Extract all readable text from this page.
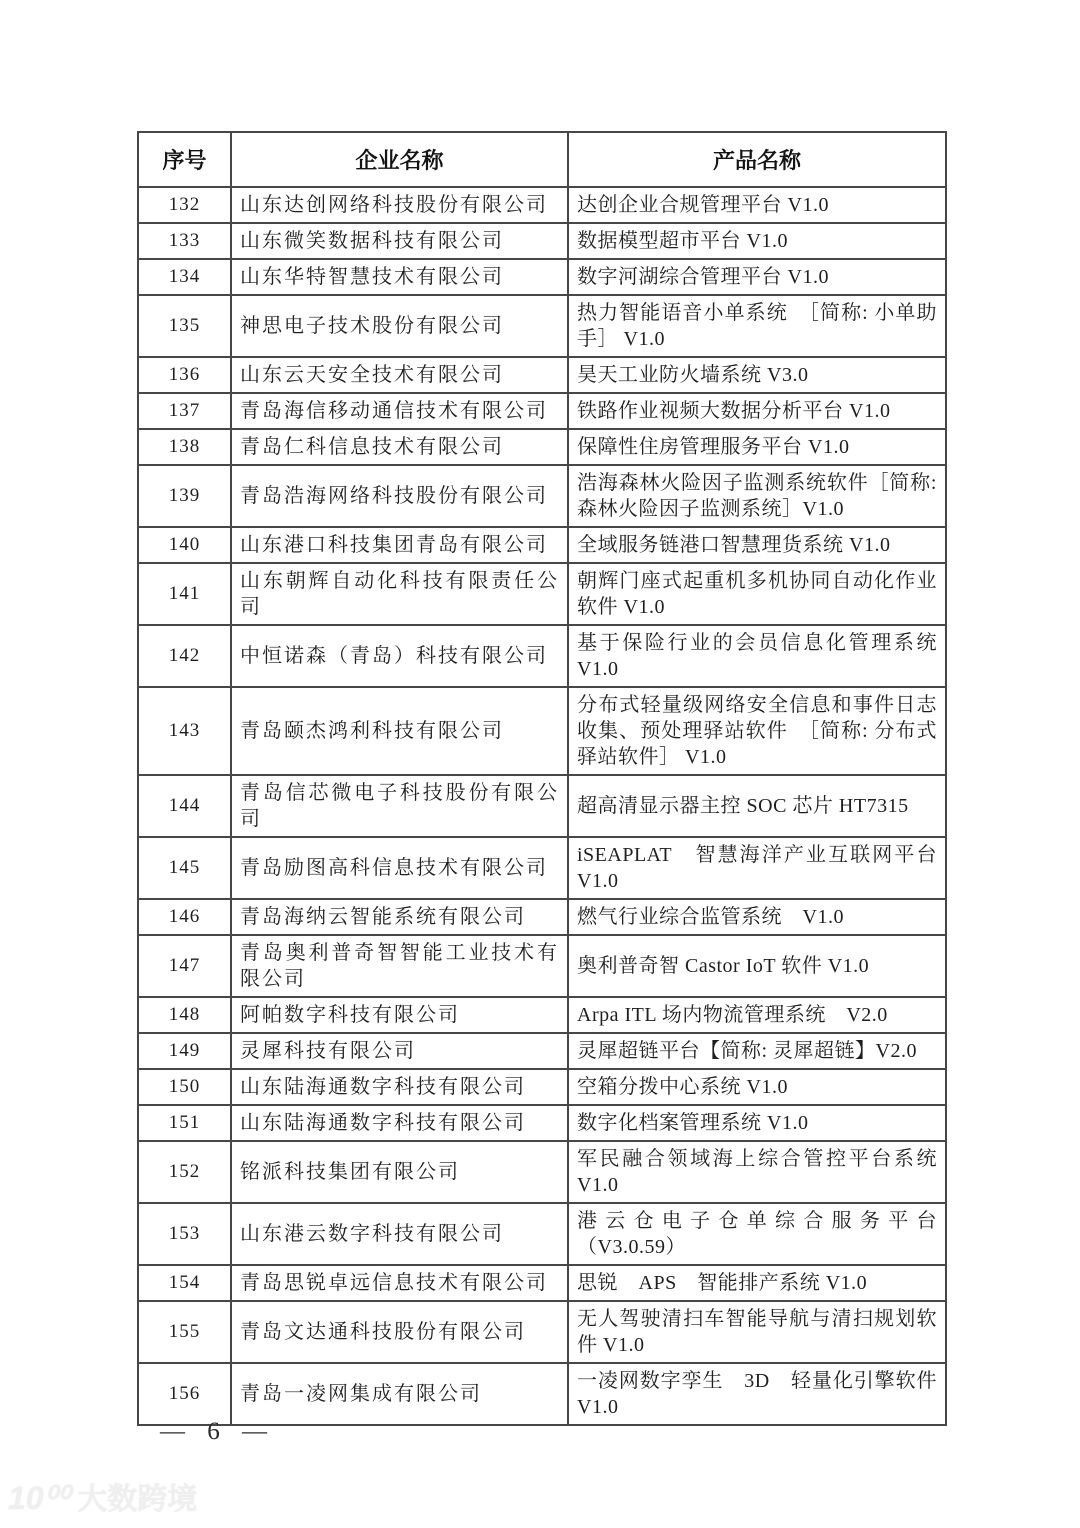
序号	企业名称	产品名称
132	山东达创网络科技股份有限公司	达创企业合规管理平台 V1.0
133	山东微笑数据科技有限公司	数据模型超市平台 V1.0
134	山东华特智慧技术有限公司	数字河湖综合管理平台 V1.0
135	神思电子技术股份有限公司	热力智能语音小单系统　［简称: 小单助手］ V1.0
136	山东云天安全技术有限公司	昊天工业防火墙系统 V3.0
137	青岛海信移动通信技术有限公司	铁路作业视频大数据分析平台 V1.0
138	青岛仁科信息技术有限公司	保障性住房管理服务平台 V1.0
139	青岛浩海网络科技股份有限公司	浩海森林火险因子监测系统软件［简称:森林火险因子监测系统］V1.0
140	山东港口科技集团青岛有限公司	全域服务链港口智慧理货系统 V1.0
141	山东朝辉自动化科技有限责任公司	朝辉门座式起重机多机协同自动化作业软件 V1.0
142	中恒诺森（青岛）科技有限公司	基于保险行业的会员信息化管理系统 V1.0
143	青岛颐杰鸿利科技有限公司	分布式轻量级网络安全信息和事件日志收集、预处理驿站软件　［简称: 分布式驿站软件］ V1.0
144	青岛信芯微电子科技股份有限公司	超高清显示器主控 SOC 芯片 HT7315
145	青岛励图高科信息技术有限公司	iSEAPLAT　智慧海洋产业互联网平台 V1.0
146	青岛海纳云智能系统有限公司	燃气行业综合监管系统　V1.0
147	青岛奥利普奇智智能工业技术有限公司	奥利普奇智 Castor IoT 软件 V1.0
148	阿帕数字科技有限公司	Arpa ITL 场内物流管理系统　V2.0
149	灵犀科技有限公司	灵犀超链平台【简称: 灵犀超链】V2.0
150	山东陆海通数字科技有限公司	空箱分拨中心系统 V1.0
151	山东陆海通数字科技有限公司	数字化档案管理系统 V1.0
152	铭派科技集团有限公司	军民融合领域海上综合管控平台系统 V1.0
153	山东港云数字科技有限公司	港云仓电子仓单综合服务平台（V3.0.59）
154	青岛思锐卓远信息技术有限公司	思锐　APS　智能排产系统 V1.0
155	青岛文达通科技股份有限公司	无人驾驶清扫车智能导航与清扫规划软件 V1.0
156	青岛一凌网集成有限公司	一凌网数字孪生　3D　轻量化引擎软件 V1.0
— 6 —
10⁰⁰ 大数跨境
